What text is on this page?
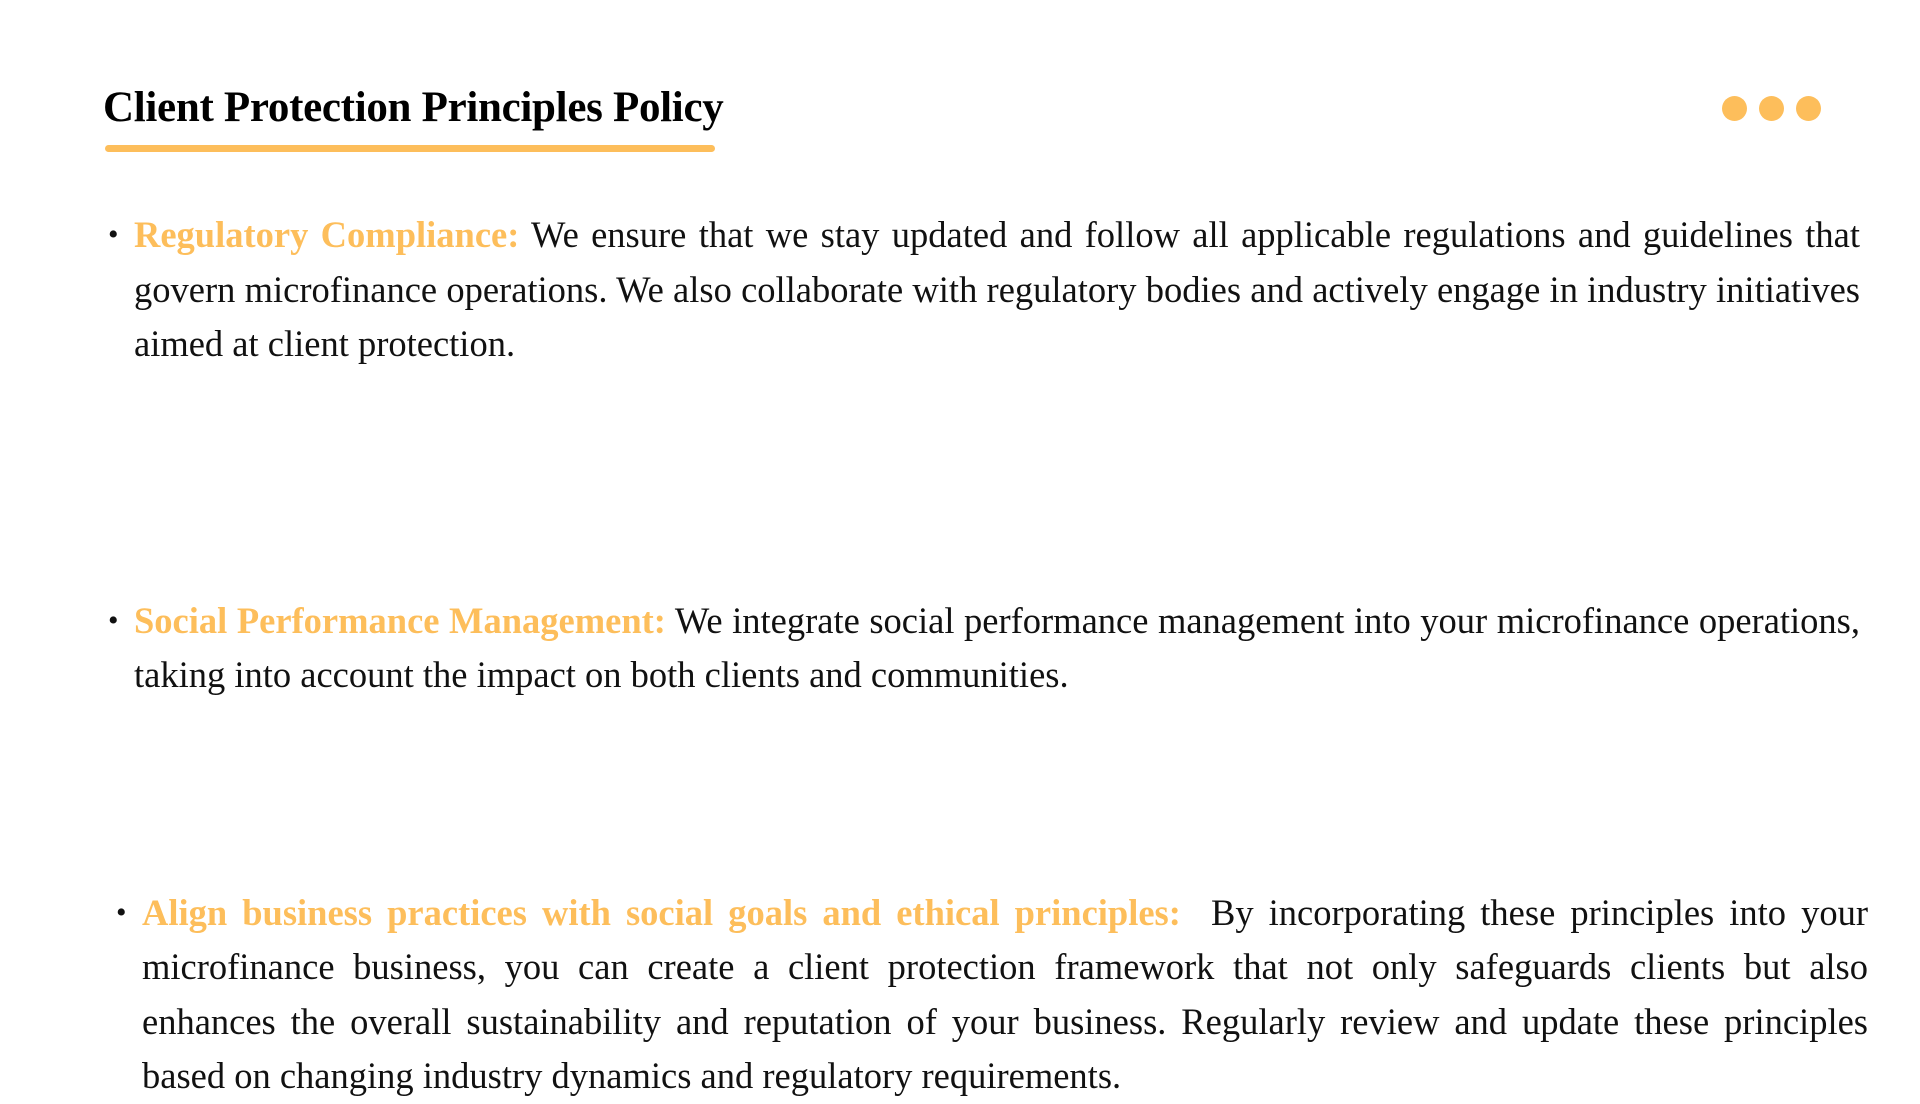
Client Protection Principles Policy
• Regulatory Compliance: We ensure that we stay updated and follow all applicable regulations and guidelines that govern microfinance operations. We also collaborate with regulatory bodies and actively engage in industry initiatives aimed at client protection.
• Social Performance Management: We integrate social performance management into your microfinance operations, taking into account the impact on both clients and communities.
• Align business practices with social goals and ethical principles:  By incorporating these principles into your microfinance business, you can create a client protection framework that not only safeguards clients but also enhances the overall sustainability and reputation of your business. Regularly review and update these principles based on changing industry dynamics and regulatory requirements.
